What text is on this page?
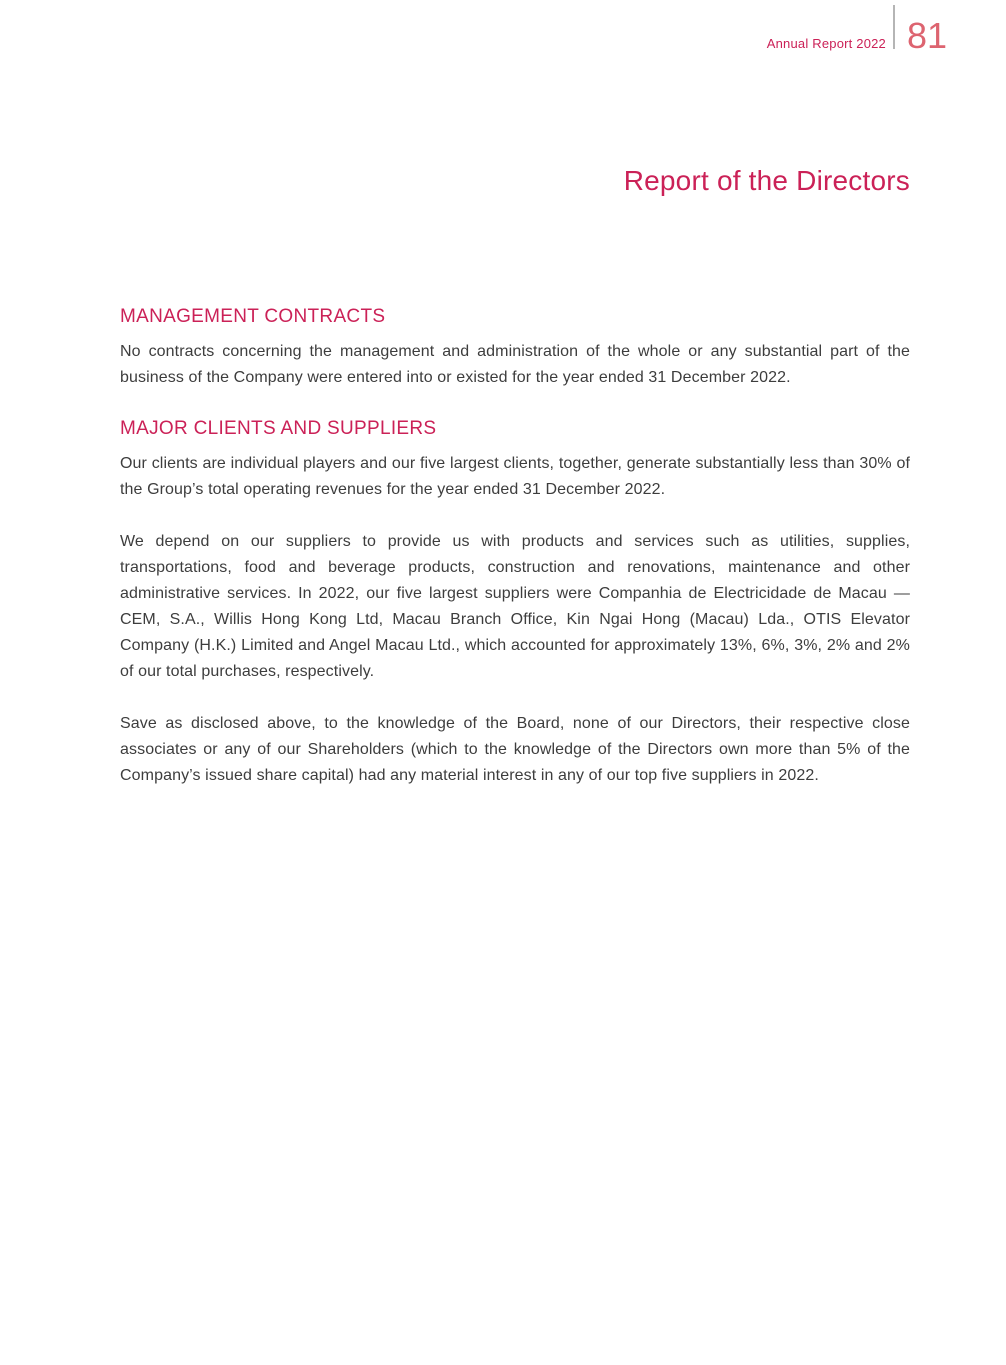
Annual Report 2022 81
Report of the Directors
MANAGEMENT CONTRACTS

No contracts concerning the management and administration of the whole or any substantial part of the business of the Company were entered into or existed for the year ended 31 December 2022.

MAJOR CLIENTS AND SUPPLIERS

Our clients are individual players and our five largest clients, together, generate substantially less than 30% of the Group’s total operating revenues for the year ended 31 December 2022.

We depend on our suppliers to provide us with products and services such as utilities, supplies, transportations, food and beverage products, construction and renovations, maintenance and other administrative services. In 2022, our five largest suppliers were Companhia de Electricidade de Macau — CEM, S.A., Willis Hong Kong Ltd, Macau Branch Office, Kin Ngai Hong (Macau) Lda., OTIS Elevator Company (H.K.) Limited and Angel Macau Ltd., which accounted for approximately 13%, 6%, 3%, 2% and 2% of our total purchases, respectively.

Save as disclosed above, to the knowledge of the Board, none of our Directors, their respective close associates or any of our Shareholders (which to the knowledge of the Directors own more than 5% of the Company’s issued share capital) had any material interest in any of our top five suppliers in 2022.
